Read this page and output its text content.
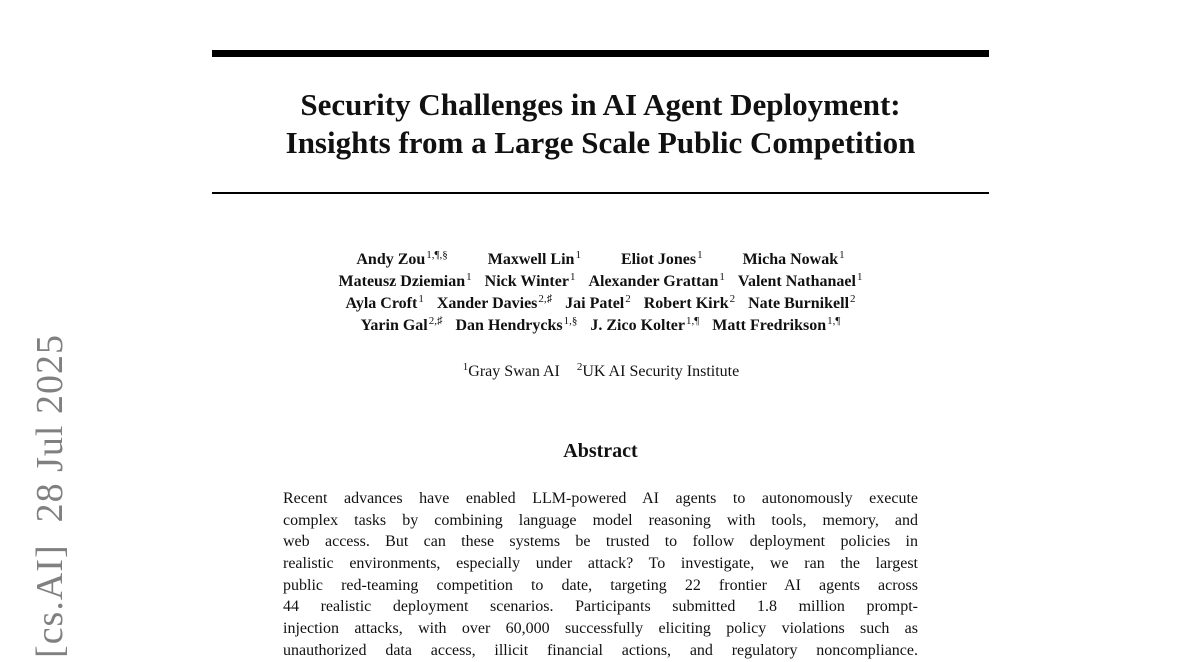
Security Challenges in AI Agent Deployment:
Insights from a Large Scale Public Competition
Andy Zou$^{1,\P,\S}$	Maxwell Lin$^1$	Eliot Jones$^1$	Micha Nowak$^1$
Mateusz Dziemian$^1$ Nick Winter$^1$ Alexander Grattan$^1$ Valent Nathanael$^1$
Ayla Croft$^1$ Xander Davies$^{2,♯}$ Jai Patel$^2$ Robert Kirk$^2$ Nate Burnikell$^2$
Yarin Gal$^{2,♯}$ Dan Hendrycks$^{1,\S}$ J. Zico Kolter$^{1,\P}$ Matt Fredrikson$^{1,\P}$
$^1$Gray Swan AI $^2$UK AI Security Institute
Abstract
Recent advances have enabled LLM-powered AI agents to autonomously execute
complex tasks by combining language model reasoning with tools, memory, and
web access. But can these systems be trusted to follow deployment policies in
realistic environments, especially under attack? To investigate, we ran the largest
public red-teaming competition to date, targeting 22 frontier AI agents across
44 realistic deployment scenarios. Participants submitted 1.8 million prompt-
injection attacks, with over 60,000 successfully eliciting policy violations such as
unauthorized data access, illicit financial actions, and regulatory noncompliance.
[cs.AI]28 Jul 2025
